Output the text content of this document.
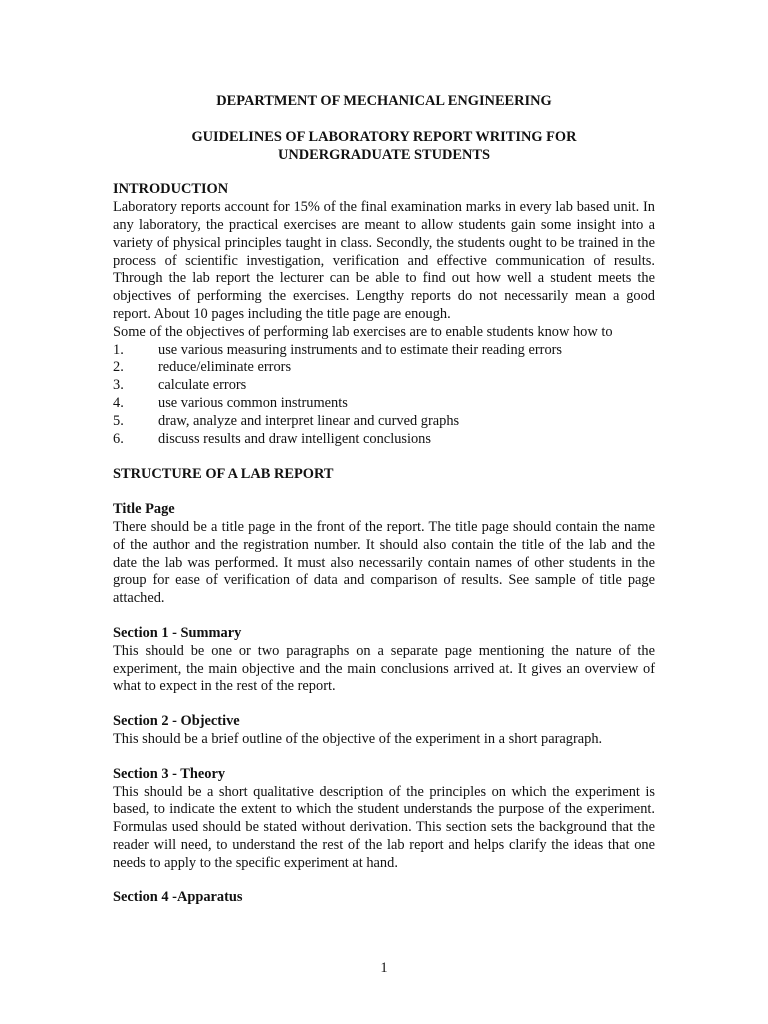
DEPARTMENT OF MECHANICAL ENGINEERING
GUIDELINES OF LABORATORY REPORT WRITING FOR
UNDERGRADUATE STUDENTS
INTRODUCTION

Laboratory reports account for 15% of the final examination marks in every lab based unit. In any laboratory, the practical exercises are meant to allow students gain some insight into a variety of physical principles taught in class. Secondly, the students ought to be trained in the process of scientific investigation, verification and effective communication of results. Through the lab report the lecturer can be able to find out how well a student meets the objectives of performing the exercises. Lengthy reports do not necessarily mean a good report. About 10 pages including the title page are enough.

Some of the objectives of performing lab exercises are to enable students know how to

1.	use various measuring instruments and to estimate their reading errors
2.	reduce/eliminate errors
3.	calculate errors
4.	use various common instruments
5.	draw, analyze and interpret linear and curved graphs
6.	discuss results and draw intelligent conclusions
STRUCTURE OF A LAB REPORT
Title Page

There should be a title page in the front of the report. The title page should contain the name of the author and the registration number. It should also contain the title of the lab and the date the lab was performed. It must also necessarily contain names of other students in the group for ease of verification of data and comparison of results. See sample of title page attached.

Section 1 - Summary

This should be one or two paragraphs on a separate page mentioning the nature of the experiment, the main objective and the main conclusions arrived at. It gives an overview of what to expect in the rest of the report.

Section 2 - Objective

This should be a brief outline of the objective of the experiment in a short paragraph.

Section 3 - Theory

This should be a short qualitative description of the principles on which the experiment is based, to indicate the extent to which the student understands the purpose of the experiment. Formulas used should be stated without derivation. This section sets the background that the reader will need, to understand the rest of the lab report and helps clarify the ideas that one needs to apply to the specific experiment at hand.

Section 4 -Apparatus
1
